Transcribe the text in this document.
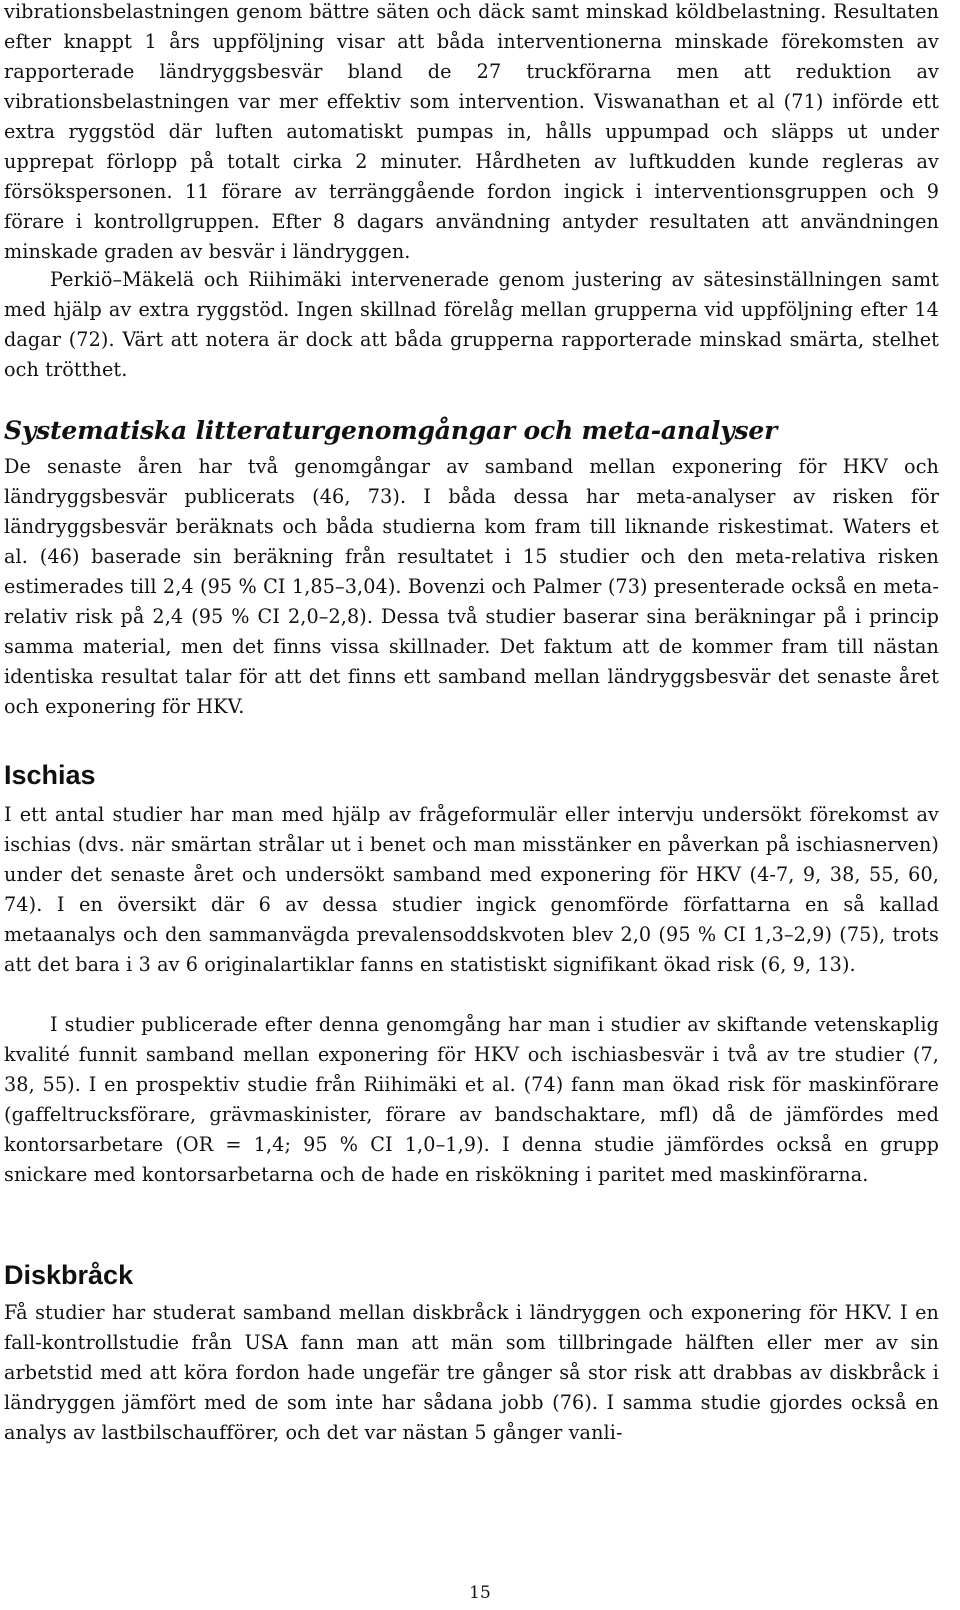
vibrationsbelastningen genom bättre säten och däck samt minskad köldbelastning. Resultaten efter knappt 1 års uppföljning visar att båda interventionerna minskade förekomsten av rapporterade ländryggsbesvär bland de 27 truckförarna men att reduktion av vibrationsbelastningen var mer effektiv som intervention. Viswanathan et al (71) införde ett extra ryggstöd där luften automatiskt pumpas in, hålls uppumpad och släpps ut under upprepat förlopp på totalt cirka 2 minuter. Hårdheten av luftkudden kunde regleras av försökspersonen. 11 förare av terränggående fordon ingick i interventionsgruppen och 9 förare i kontrollgruppen. Efter 8 dagars användning antyder resultaten att användningen minskade graden av besvär i ländryggen.

Perkiö–Mäkelä och Riihimäki intervenerade genom justering av sätesinställningen samt med hjälp av extra ryggstöd. Ingen skillnad förelåg mellan grupperna vid uppföljning efter 14 dagar (72). Värt att notera är dock att båda grupperna rapporterade minskad smärta, stelhet och trötthet.

Systematiska litteraturgenomgångar och meta-analyser

De senaste åren har två genomgångar av samband mellan exponering för HKV och ländryggsbesvär publicerats (46, 73). I båda dessa har meta-analyser av risken för ländryggsbesvär beräknats och båda studierna kom fram till liknande riskestimat. Waters et al. (46) baserade sin beräkning från resultatet i 15 studier och den meta-relativa risken estimerades till 2,4 (95 % CI 1,85–3,04). Bovenzi och Palmer (73) presenterade också en meta-relativ risk på 2,4 (95 % CI 2,0–2,8). Dessa två studier baserar sina beräkningar på i princip samma material, men det finns vissa skillnader. Det faktum att de kommer fram till nästan identiska resultat talar för att det finns ett samband mellan ländryggsbesvär det senaste året och exponering för HKV.

Ischias

I ett antal studier har man med hjälp av frågeformulär eller intervju undersökt förekomst av ischias (dvs. när smärtan strålar ut i benet och man misstänker en påverkan på ischiasnerven) under det senaste året och undersökt samband med exponering för HKV (4-7, 9, 38, 55, 60, 74). I en översikt där 6 av dessa studier ingick genomförde författarna en så kallad metaanalys och den sammanvägda prevalensoddskvoten blev 2,0 (95 % CI 1,3–2,9) (75), trots att det bara i 3 av 6 originalartiklar fanns en statistiskt signifikant ökad risk (6, 9, 13).

I studier publicerade efter denna genomgång har man i studier av skiftande vetenskaplig kvalité funnit samband mellan exponering för HKV och ischiasbesvär i två av tre studier (7, 38, 55). I en prospektiv studie från Riihimäki et al. (74) fann man ökad risk för maskinförare (gaffeltrucksförare, grävmaskinister, förare av bandschaktare, mfl) då de jämfördes med kontorsarbetare (OR = 1,4; 95 % CI 1,0–1,9). I denna studie jämfördes också en grupp snickare med kontorsarbetarna och de hade en riskökning i paritet med maskinförarna.

Diskbråck

Få studier har studerat samband mellan diskbråck i ländryggen och exponering för HKV. I en fall-kontrollstudie från USA fann man att män som tillbringade hälften eller mer av sin arbetstid med att köra fordon hade ungefär tre gånger så stor risk att drabbas av diskbråck i ländryggen jämfört med de som inte har sådana jobb (76). I samma studie gjordes också en analys av lastbilschaufförer, och det var nästan 5 gånger vanli-

15
